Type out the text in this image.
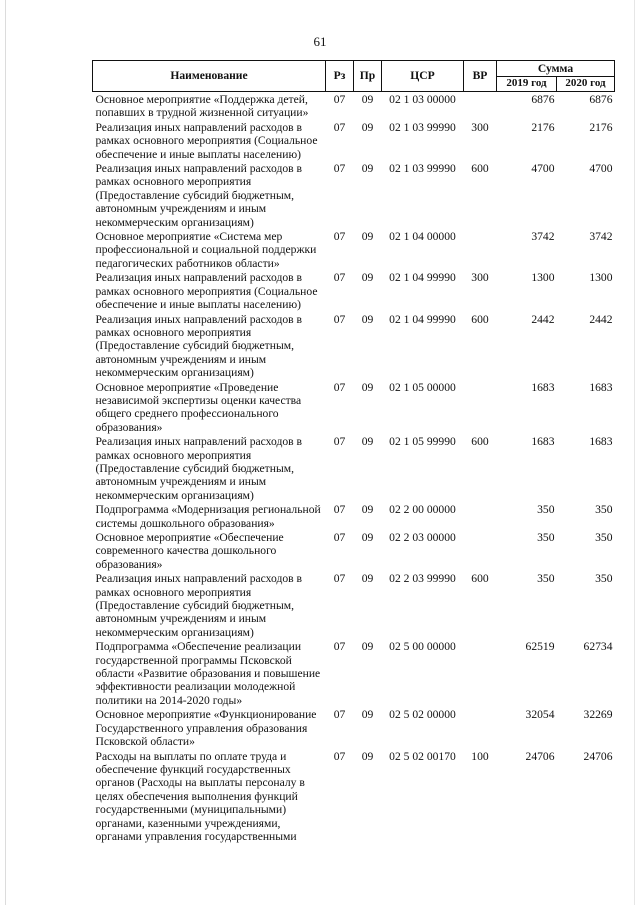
61
Наименование	Рз	Пр	ЦСР	ВР	Сумма	
					2019 год	2020 год
Основное мероприятие «Поддержка детей, попавших в трудной жизненной ситуации»	07	09	02 1 03 00000		6876	6876
Реализация иных направлений расходов в рамках основного мероприятия (Социальное обеспечение и иные выплаты населению)	07	09	02 1 03 99990	300	2176	2176
Реализация иных направлений расходов в рамках основного мероприятия (Предоставление субсидий бюджетным, автономным учреждениям и иным некоммерческим организациям)	07	09	02 1 03 99990	600	4700	4700
Основное мероприятие «Система мер профессиональной и социальной поддержки педагогических работников области»	07	09	02 1 04 00000		3742	3742
Реализация иных направлений расходов в рамках основного мероприятия (Социальное обеспечение и иные выплаты населению)	07	09	02 1 04 99990	300	1300	1300
Реализация иных направлений расходов в рамках основного мероприятия (Предоставление субсидий бюджетным, автономным учреждениям и иным некоммерческим организациям)	07	09	02 1 04 99990	600	2442	2442
Основное мероприятие «Проведение независимой экспертизы оценки качества общего среднего профессионального образования»	07	09	02 1 05 00000		1683	1683
Реализация иных направлений расходов в рамках основного мероприятия (Предоставление субсидий бюджетным, автономным учреждениям и иным некоммерческим организациям)	07	09	02 1 05 99990	600	1683	1683
Подпрограмма «Модернизация региональной системы дошкольного образования»	07	09	02 2 00 00000		350	350
Основное мероприятие «Обеспечение современного качества дошкольного образования»	07	09	02 2 03 00000		350	350
Реализация иных направлений расходов в рамках основного мероприятия (Предоставление субсидий бюджетным, автономным учреждениям и иным некоммерческим организациям)	07	09	02 2 03 99990	600	350	350
Подпрограмма «Обеспечение реализации государственной программы Псковской области «Развитие образования и повышение эффективности реализации молодежной политики на 2014-2020 годы»	07	09	02 5 00 00000		62519	62734
Основное мероприятие «Функционирование Государственного управления образования Псковской области»	07	09	02 5 02 00000		32054	32269
Расходы на выплаты по оплате труда и обеспечение функций государственных органов (Расходы на выплаты персоналу в целях обеспечения выполнения функций государственными (муниципальными) органами, казенными учреждениями, органами управления государственными	07	09	02 5 02 00170	100	24706	24706
